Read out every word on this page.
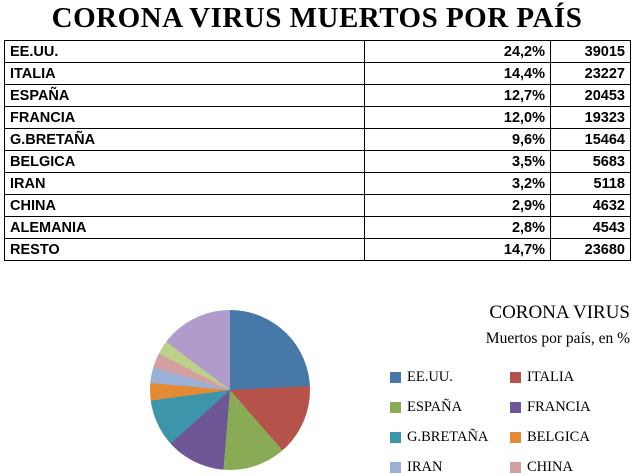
CORONA VIRUS MUERTOS POR PAÍS
EE.UU.	24,2%	39015
ITALIA	14,4%	23227
ESPAÑA	12,7%	20453
FRANCIA	12,0%	19323
G.BRETAÑA	9,6%	15464
BELGICA	3,5%	5683
IRAN	3,2%	5118
CHINA	2,9%	4632
ALEMANIA	2,8%	4543
RESTO	14,7%	23680
CORONA VIRUS
Muertos por país, en %
EE.UU.	ITALIA
ESPAÑA	FRANCIA
G.BRETAÑA	BELGICA
IRAN	CHINA
